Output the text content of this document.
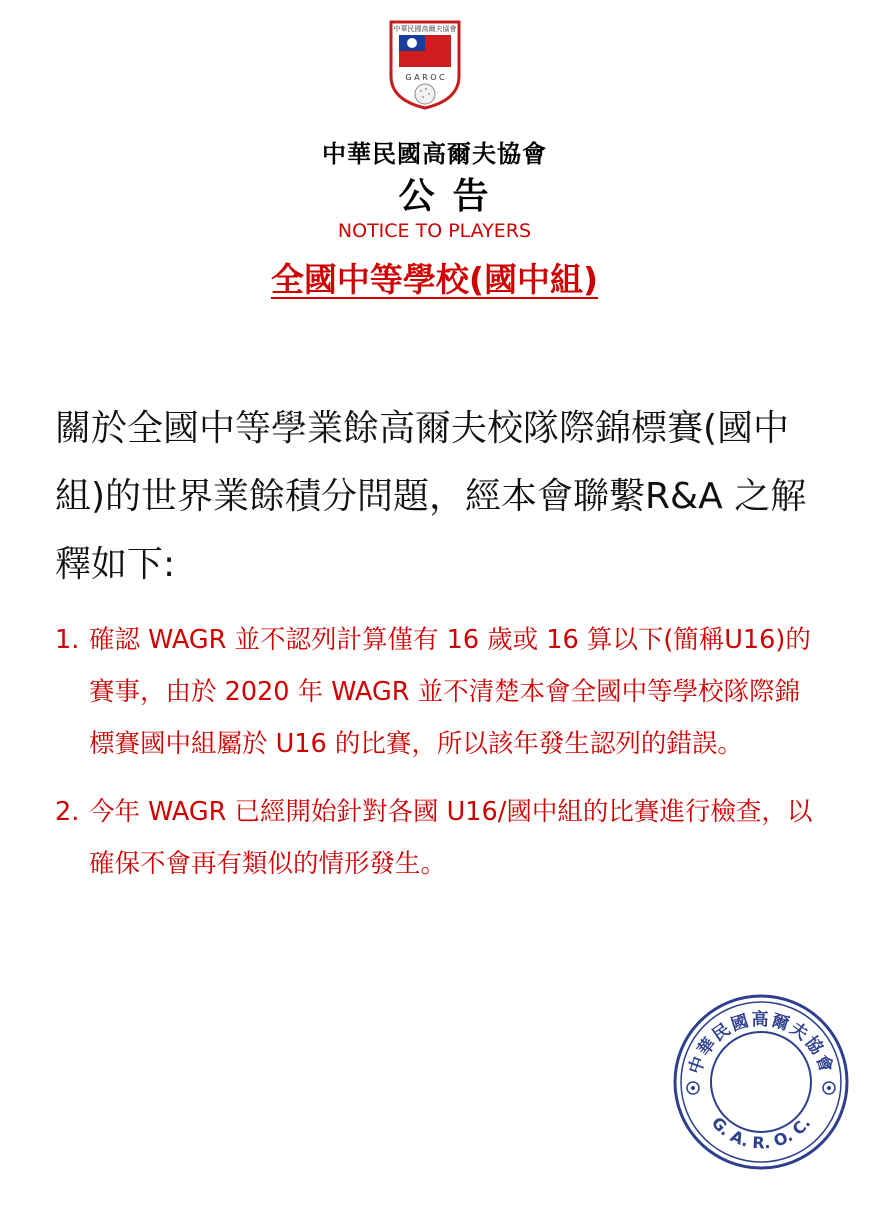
中華民國高爾夫協會
G A R O C
中華民國高爾夫協會
公告
NOTICE TO PLAYERS
全國中等學校(國中組)
關於全國中等學業餘高爾夫校隊際錦標賽(國中組)的世界業餘積分問題，經本會聯繫R&A 之解釋如下:
1. 確認 WAGR 並不認列計算僅有 16 歲或 16 算以下(簡稱U16)的賽事，由於 2020 年 WAGR 並不清楚本會全國中等學校隊際錦標賽國中組屬於 U16 的比賽，所以該年發生認列的錯誤。
2. 今年 WAGR 已經開始針對各國 U16/國中組的比賽進行檢查，以確保不會再有類似的情形發生。
中華民國高爾夫協會
G. A. R. O. C.
